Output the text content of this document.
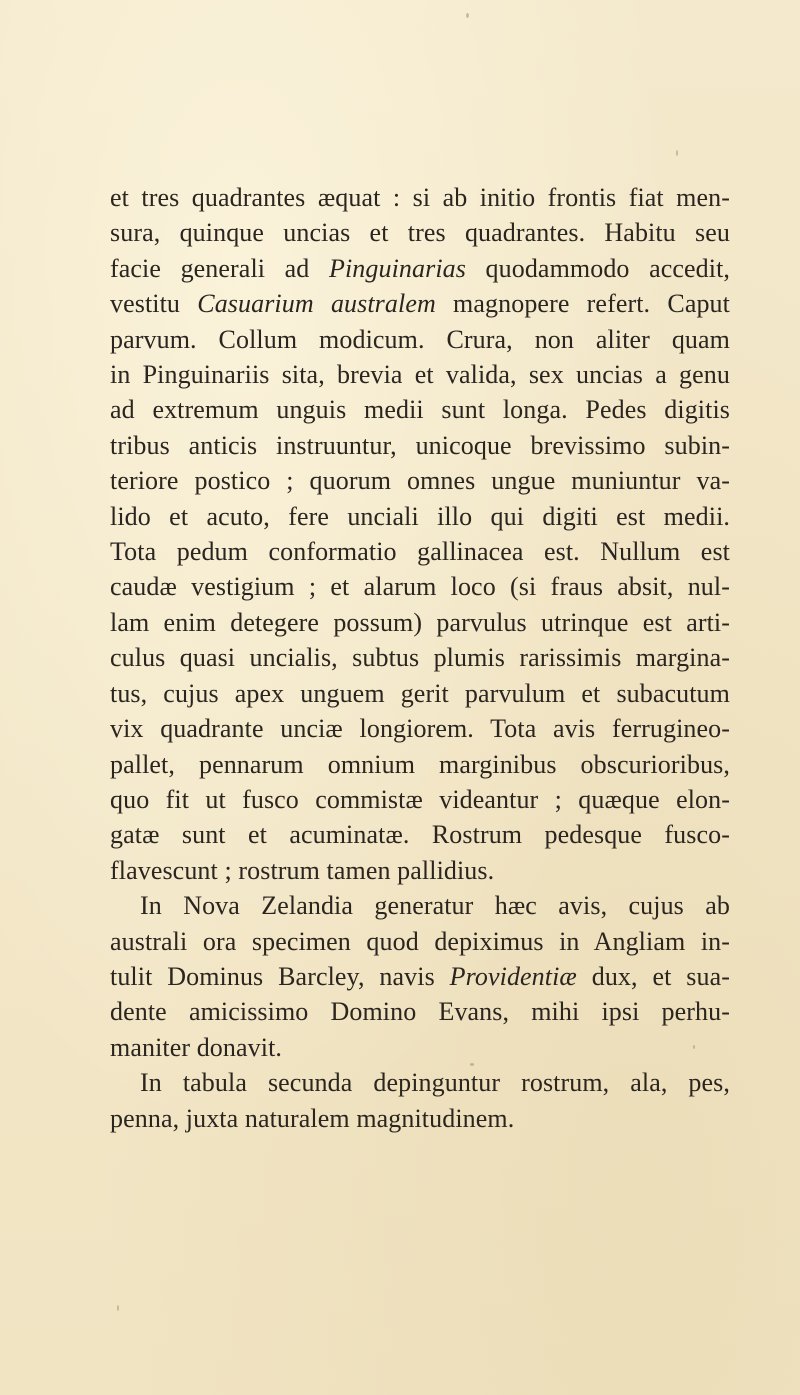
et tres quadrantes æquat : si ab initio frontis fiat men-
sura, quinque uncias et tres quadrantes. Habitu seu
facie generali ad Pinguinarias quodammodo accedit,
vestitu Casuarium australem magnopere refert. Caput
parvum. Collum modicum. Crura, non aliter quam
in Pinguinariis sita, brevia et valida, sex uncias a genu
ad extremum unguis medii sunt longa. Pedes digitis
tribus anticis instruuntur, unicoque brevissimo subin-
teriore postico ; quorum omnes ungue muniuntur va-
lido et acuto, fere unciali illo qui digiti est medii.
Tota pedum conformatio gallinacea est. Nullum est
caudæ vestigium ; et alarum loco (si fraus absit, nul-
lam enim detegere possum) parvulus utrinque est arti-
culus quasi uncialis, subtus plumis rarissimis margina-
tus, cujus apex unguem gerit parvulum et subacutum
vix quadrante unciæ longiorem. Tota avis ferrugineo-
pallet, pennarum omnium marginibus obscurioribus,
quo fit ut fusco commistæ videantur ; quæque elon-
gatæ sunt et acuminatæ. Rostrum pedesque fusco-
flavescunt ; rostrum tamen pallidius.

In Nova Zelandia generatur hæc avis, cujus ab
australi ora specimen quod depiximus in Angliam in-
tulit Dominus Barcley, navis Providentiæ dux, et sua-
dente amicissimo Domino Evans, mihi ipsi perhu-
maniter donavit.

In tabula secunda depinguntur rostrum, ala, pes,
penna, juxta naturalem magnitudinem.
